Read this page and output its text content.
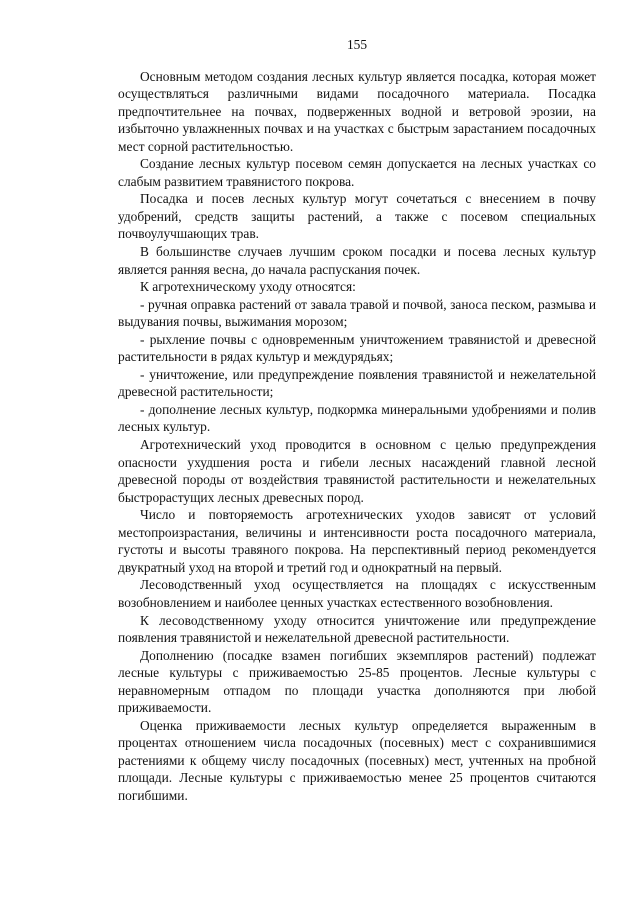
155

Основным методом создания лесных культур является посадка, которая может осуществляться различными видами посадочного материала. Посадка предпочтительнее на почвах, подверженных водной и ветровой эрозии, на избыточно увлажненных почвах и на участках с быстрым зарастанием посадочных мест сорной растительностью.

Создание лесных культур посевом семян допускается на лесных участках со слабым развитием травянистого покрова.

Посадка и посев лесных культур могут сочетаться с внесением в почву удобрений, средств защиты растений, а также с посевом специальных почвоулучшающих трав.

В большинстве случаев лучшим сроком посадки и посева лесных культур является ранняя весна, до начала распускания почек.

К агротехническому уходу относятся:

- ручная оправка растений от завала травой и почвой, заноса песком, размыва и выдувания почвы, выжимания морозом;

- рыхление почвы с одновременным уничтожением травянистой и древесной растительности в рядах культур и междурядьях;

- уничтожение, или предупреждение появления травянистой и нежелательной древесной растительности;

- дополнение лесных культур, подкормка минеральными удобрениями и полив лесных культур.

Агротехнический уход проводится в основном с целью предупреждения опасности ухудшения роста и гибели лесных насаждений главной лесной древесной породы от воздействия травянистой растительности и нежелательных быстрорастущих лесных древесных пород.

Число и повторяемость агротехнических уходов зависят от условий местопроизрастания, величины и интенсивности роста посадочного материала, густоты и высоты травяного покрова. На перспективный период рекомендуется двукратный уход на второй и третий год и однократный на первый.

Лесоводственный уход осуществляется на площадях с искусственным возобновлением и наиболее ценных участках естественного возобновления.

К лесоводственному уходу относится уничтожение или предупреждение появления травянистой и нежелательной древесной растительности.

Дополнению (посадке взамен погибших экземпляров растений) подлежат лесные культуры с приживаемостью 25-85 процентов. Лесные культуры с неравномерным отпадом по площади участка дополняются при любой приживаемости.

Оценка приживаемости лесных культур определяется выраженным в процентах отношением числа посадочных (посевных) мест с сохранившимися растениями к общему числу посадочных (посевных) мест, учтенных на пробной площади. Лесные культуры с приживаемостью менее 25 процентов считаются погибшими.
